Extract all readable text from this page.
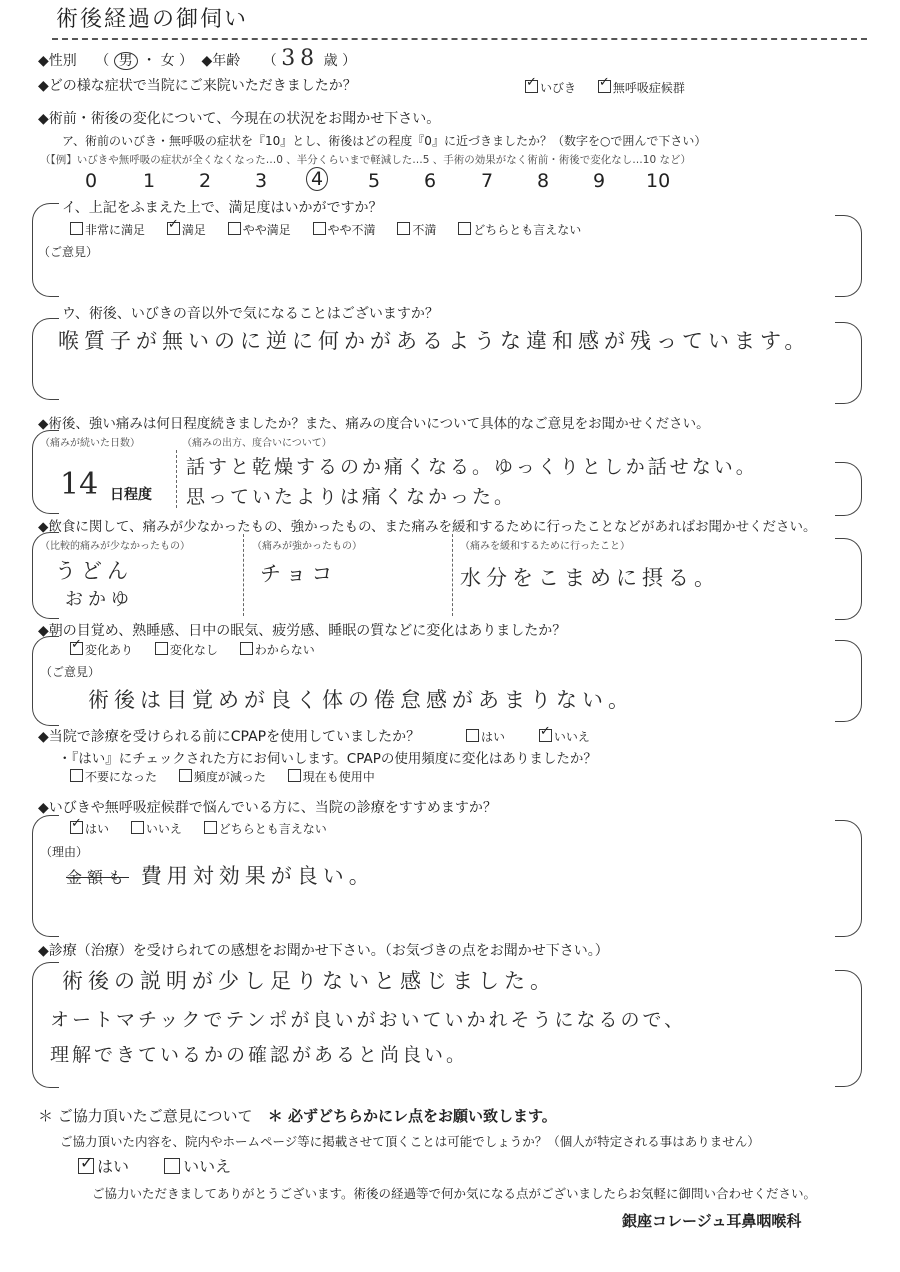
術後経過の御伺い
◆性別 （ 男 ・ 女 ） ◆年齢 （ 38 歳 ）
◆どの様な症状で当院にご来院いただきましたか？ ✓	いびき ✓	無呼吸症候群
◆術前・術後の変化について、今現在の状況をお聞かせ下さい。
ア、術前のいびき・無呼吸の症状を『10』とし、術後はどの程度『0』に近づきましたか？（数字を○で囲んで下さい）
（【例】いびきや無呼吸の症状が全くなくなった…0 、半分くらいまで軽減した…5 、手術の効果がなく術前・術後で変化なし…10 など）
0 1 2 3 4 5 6 7 8 9 10
イ、上記をふまえた上で、満足度はいかがですか？
非常に満足 ✓	満足	やや満足	やや不満	不満	どちらとも言えない
（ご意見）
ウ、術後、いびきの音以外で気になることはございますか？
喉質子が無いのに逆に何かがあるような違和感が残っています。
◆術後、強い痛みは何日程度続きましたか？また、痛みの度合いについて具体的なご意見をお聞かせください。
（痛みが続いた日数）
14 日程度
（痛みの出方、度合いについて）
話すと乾燥するのか痛くなる。ゆっくりとしか話せない。
思っていたよりは痛くなかった。
◆飲食に関して、痛みが少なかったもの、強かったもの、また痛みを緩和するために行ったことなどがあればお聞かせください。
（比較的痛みが少なかったもの）
うどん
おかゆ
（痛みが強かったもの）
チョコ
（痛みを緩和するために行ったこと）
水分をこまめに摂る。
◆朝の目覚め、熟睡感、日中の眠気、疲労感、睡眠の質などに変化はありましたか？
✓変化あり	変化なし	わからない
（ご意見）
術後は目覚めが良く体の倦怠感があまりない。
◆当院で診療を受けられる前にCPAPを使用していましたか？	はい ✓	いいえ
・『はい』にチェックされた方にお伺いします。CPAPの使用頻度に変化はありましたか？
不要になった	頻度が減った	現在も使用中
◆いびきや無呼吸症候群で悩んでいる方に、当院の診療をすすめますか？
✓はい	いいえ	どちらとも言えない
（理由）
金額も 費用対効果が良い。
◆診療（治療）を受けられての感想をお聞かせ下さい。（お気づきの点をお聞かせ下さい。）
術後の説明が少し足りないと感じました。
オートマチックでテンポが良いがおいていかれそうになるので、
理解できているかの確認があると尚良い。
＊ ご協力頂いたご意見について ＊ 必ずどちらかにレ点をお願い致します。
ご協力頂いた内容を、院内やホームページ等に掲載させて頂くことは可能でしょうか？（個人が特定される事はありません）
✓はい	いいえ
ご協力いただきましてありがとうございます。術後の経過等で何か気になる点がございましたらお気軽に御問い合わせください。
銀座コレージュ耳鼻咽喉科
